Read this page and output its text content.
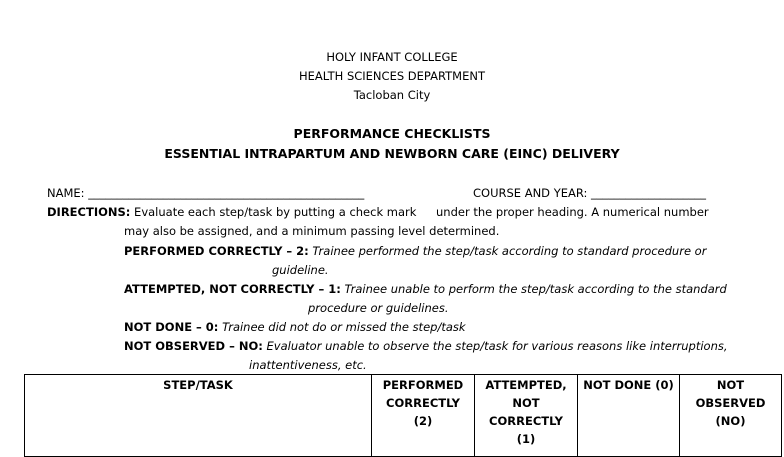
HOLY INFANT COLLEGE
HEALTH SCIENCES DEPARTMENT
Tacloban City
PERFORMANCE CHECKLISTS
ESSENTIAL INTRAPARTUM AND NEWBORN CARE (EINC) DELIVERY
NAME: ________________________________________________	COURSE AND YEAR: ____________________
DIRECTIONS: Evaluate each step/task by putting a check mark under the proper heading. A numerical number
may also be assigned, and a minimum passing level determined.
PERFORMED CORRECTLY – 2: Trainee performed the step/task according to standard procedure or
guideline.
ATTEMPTED, NOT CORRECTLY – 1: Trainee unable to perform the step/task according to the standard
procedure or guidelines.
NOT DONE – 0: Trainee did not do or missed the step/task
NOT OBSERVED – NO: Evaluator unable to observe the step/task for various reasons like interruptions,
inattentiveness, etc.
STEP/TASK	PERFORMED CORRECTLY (2)	ATTEMPTED, NOT CORRECTLY (1)	NOT DONE (0)	NOT OBSERVED (NO)
